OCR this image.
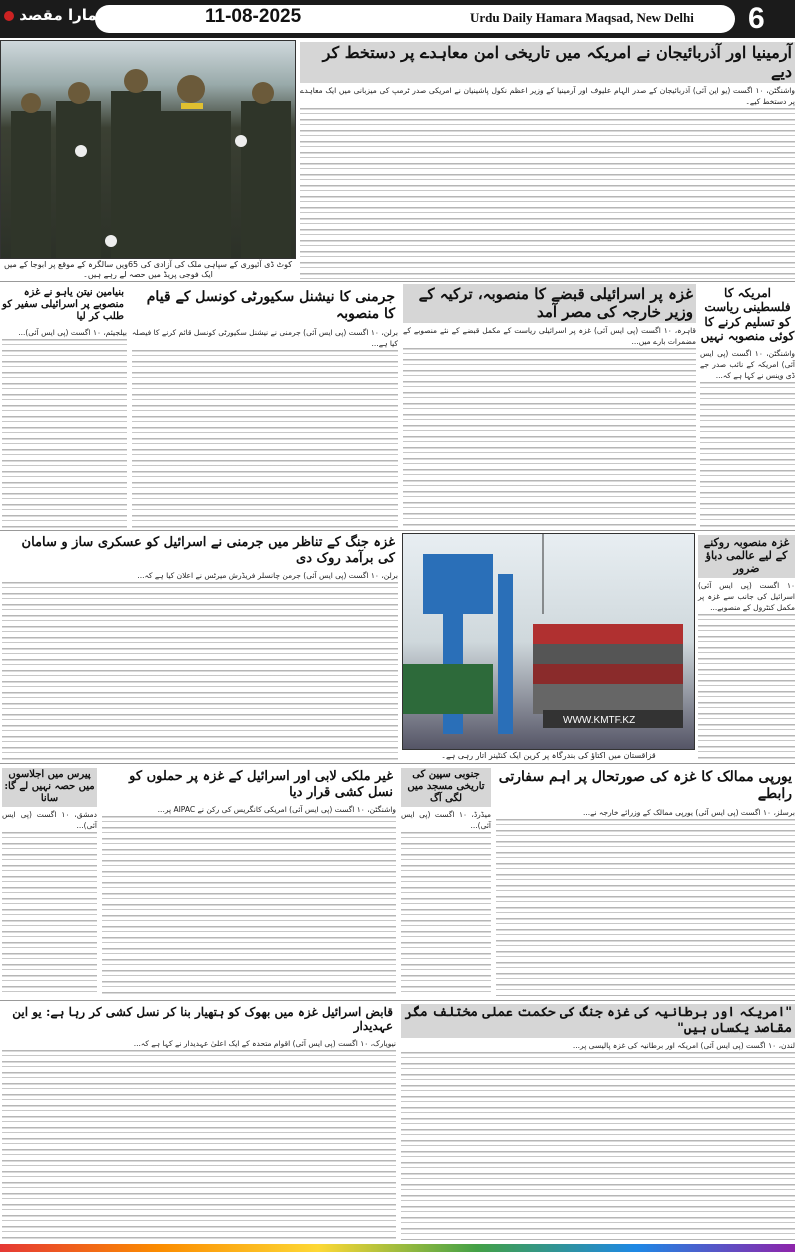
ہمارا مقصد	11-08-2025	Urdu Daily Hamara Maqsad, New Delhi 6
کوٹ ڈی آئیوری کے سپاہی ملک کی آزادی کی 65ویں سالگرہ کے موقع پر ابوجا کے میں ایک فوجی پریڈ میں حصہ لے رہے ہیں۔
آرمینیا اور آذربائیجان نے امریکہ میں تاریخی امن معاہدے پر دستخط کر دیے
واشنگٹن، ۱۰ اگست (یو این آئی) آذربائیجان کے صدر الہام علیوف اور آرمینیا کے وزیر اعظم نکول پاشینیان نے امریکی صدر ٹرمپ کی میزبانی میں ایک معاہدے پر دستخط کیے۔
امریکہ کا فلسطینی ریاست کو تسلیم کرنے کا کوئی منصوبہ نہیں
واشنگٹن، ۱۰ اگست (پی ایس آئی) امریکہ کے نائب صدر جے ڈی وینس نے کہا ہے کہ...
غزہ پر اسرائیلی قبضے کا منصوبہ، ترکیہ کے وزیر خارجہ کی مصر آمد
قاہرہ، ۱۰ اگست (پی ایس آئی) غزہ پر اسرائیلی ریاست کے مکمل قبضے کے نئے منصوبے کے مضمرات بارے میں...
جرمنی کا نیشنل سکیورٹی کونسل کے قیام کا منصوبہ
برلن، ۱۰ اگست (پی ایس آئی) جرمنی نے نیشنل سکیورٹی کونسل قائم کرنے کا فیصلہ کیا ہے...
بنیامین نیتن یاہو نے غزہ منصوبے پر اسرائیلی سفیر کو طلب کر لیا
بیلجیئم، ۱۰ اگست (پی ایس آئی)...
غزہ جنگ کے تناظر میں جرمنی نے اسرائیل کو عسکری ساز و سامان کی برآمد روک دی
برلن، ۱۰ اگست (پی ایس آئی) جرمن چانسلر فریڈرش میرٹس نے اعلان کیا ہے کہ...
WWW.KMTF.KZ
قزاقستان میں اکتاؤ کی بندرگاہ پر کرین ایک کنٹینر اتار رہی ہے۔
غزہ منصوبہ روکنے کے لیے عالمی دباؤ ضرور
۱۰ اگست (پی ایس آئی) اسرائیل کی جانب سے غزہ پر مکمل کنٹرول کے منصوبے...
پیرس میں اجلاسوں میں حصہ نہیں لے گا: سانا
دمشق، ۱۰ اگست (پی ایس آئی)...
غیر ملکی لابی اور اسرائیل کے غزہ پر حملوں کو نسل کشی قرار دیا
واشنگٹن، ۱۰ اگست (پی ایس آئی) امریکی کانگریس کی رکن نے AIPAC پر...
جنوبی سپین کی تاریخی مسجد میں لگی آگ
میڈرڈ، ۱۰ اگست (پی ایس آئی)...
یورپی ممالک کا غزہ کی صورتحال پر اہم سفارتی رابطے
برسلز، ۱۰ اگست (پی ایس آئی) یورپی ممالک کے وزرائے خارجہ نے...
قابض اسرائیل غزہ میں بھوک کو ہتھیار بنا کر نسل کشی کر رہا ہے: یو این عہدیدار
نیویارک، ۱۰ اگست (پی ایس آئی) اقوام متحدہ کے ایک اعلیٰ عہدیدار نے کہا ہے کہ...
"امریکہ اور برطانیہ کی غزہ جنگ کی حکمت عملی مختلف مگر مقاصد یکساں ہیں"
لندن، ۱۰ اگست (پی ایس آئی) امریکہ اور برطانیہ کی غزہ پالیسی پر...
